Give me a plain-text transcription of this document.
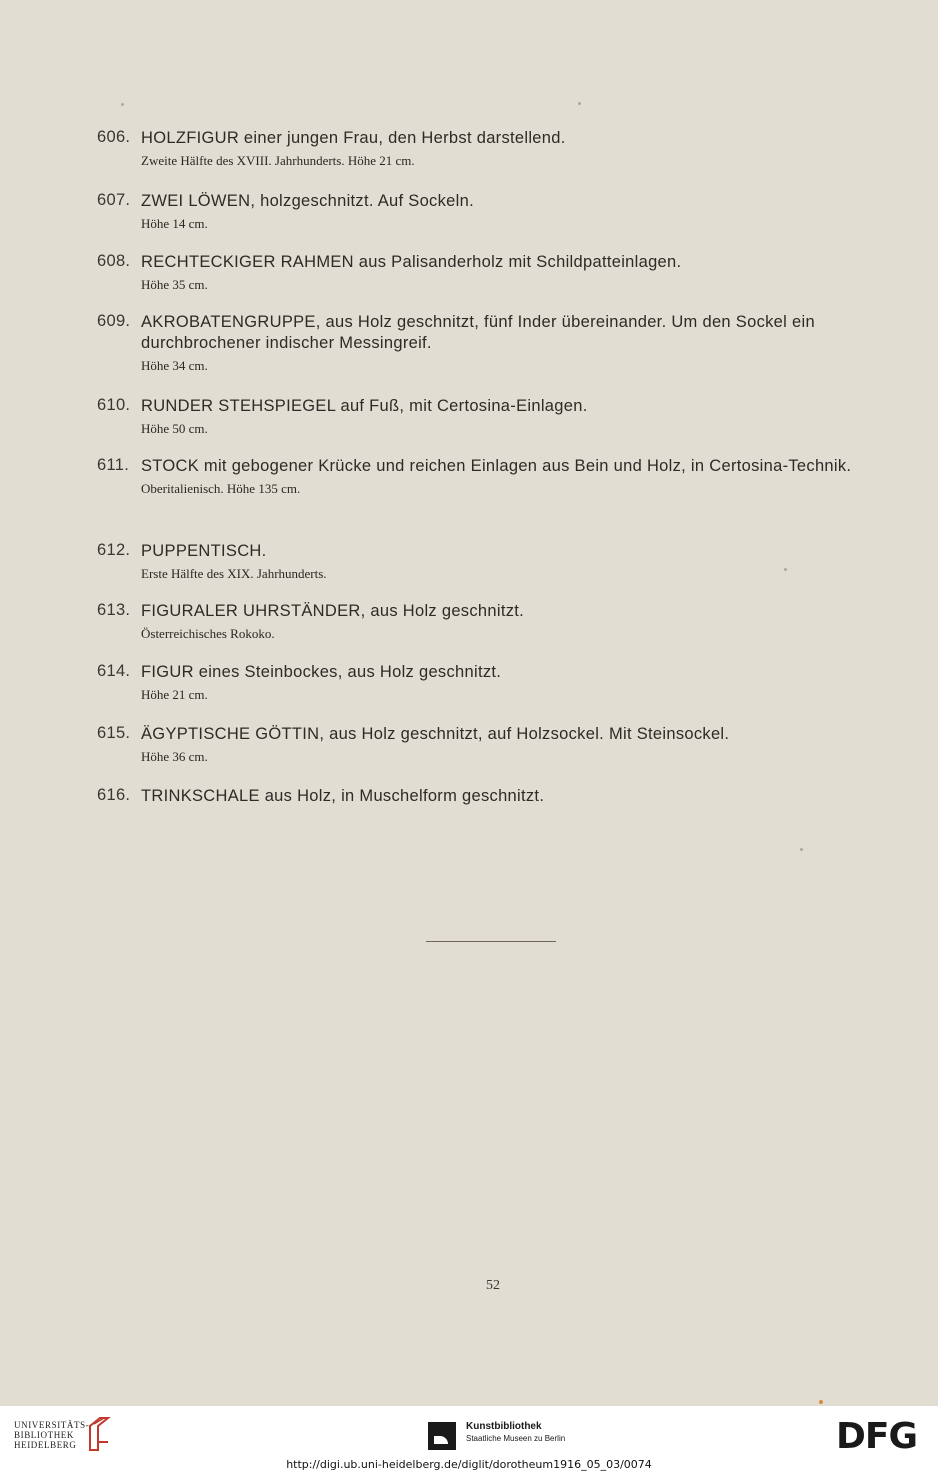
606. HOLZFIGUR einer jungen Frau, den Herbst darstellend.
Zweite Hälfte des XVIII. Jahrhunderts. Höhe 21 cm.
607. ZWEI LÖWEN, holzgeschnitzt. Auf Sockeln.
Höhe 14 cm.
608. RECHTECKIGER RAHMEN aus Palisanderholz mit Schildpatteinlagen.
Höhe 35 cm.
609. AKROBATENGRUPPE, aus Holz geschnitzt, fünf Inder übereinander. Um den Sockel ein durchbrochener indischer Messingreif.
Höhe 34 cm.
610. RUNDER STEHSPIEGEL auf Fuß, mit Certosina-Einlagen.
Höhe 50 cm.
611. STOCK mit gebogener Krücke und reichen Einlagen aus Bein und Holz, in Certosina-Technik.
Oberitalienisch. Höhe 135 cm.
612. PUPPENTISCH.
Erste Hälfte des XIX. Jahrhunderts.
613. FIGURALER UHRSTÄNDER, aus Holz geschnitzt.
Österreichisches Rokoko.
614. FIGUR eines Steinbockes, aus Holz geschnitzt.
Höhe 21 cm.
615. ÄGYPTISCHE GÖTTIN, aus Holz geschnitzt, auf Holzsockel. Mit Steinsockel.
Höhe 36 cm.
616. TRINKSCHALE aus Holz, in Muschelform geschnitzt.
52
UNIVERSITÄTS-
BIBLIOTHEK
HEIDELBERG
Kunstbibliothek
Staatliche Museen zu Berlin	DFG
http://digi.ub.uni-heidelberg.de/diglit/dorotheum1916_05_03/0074
